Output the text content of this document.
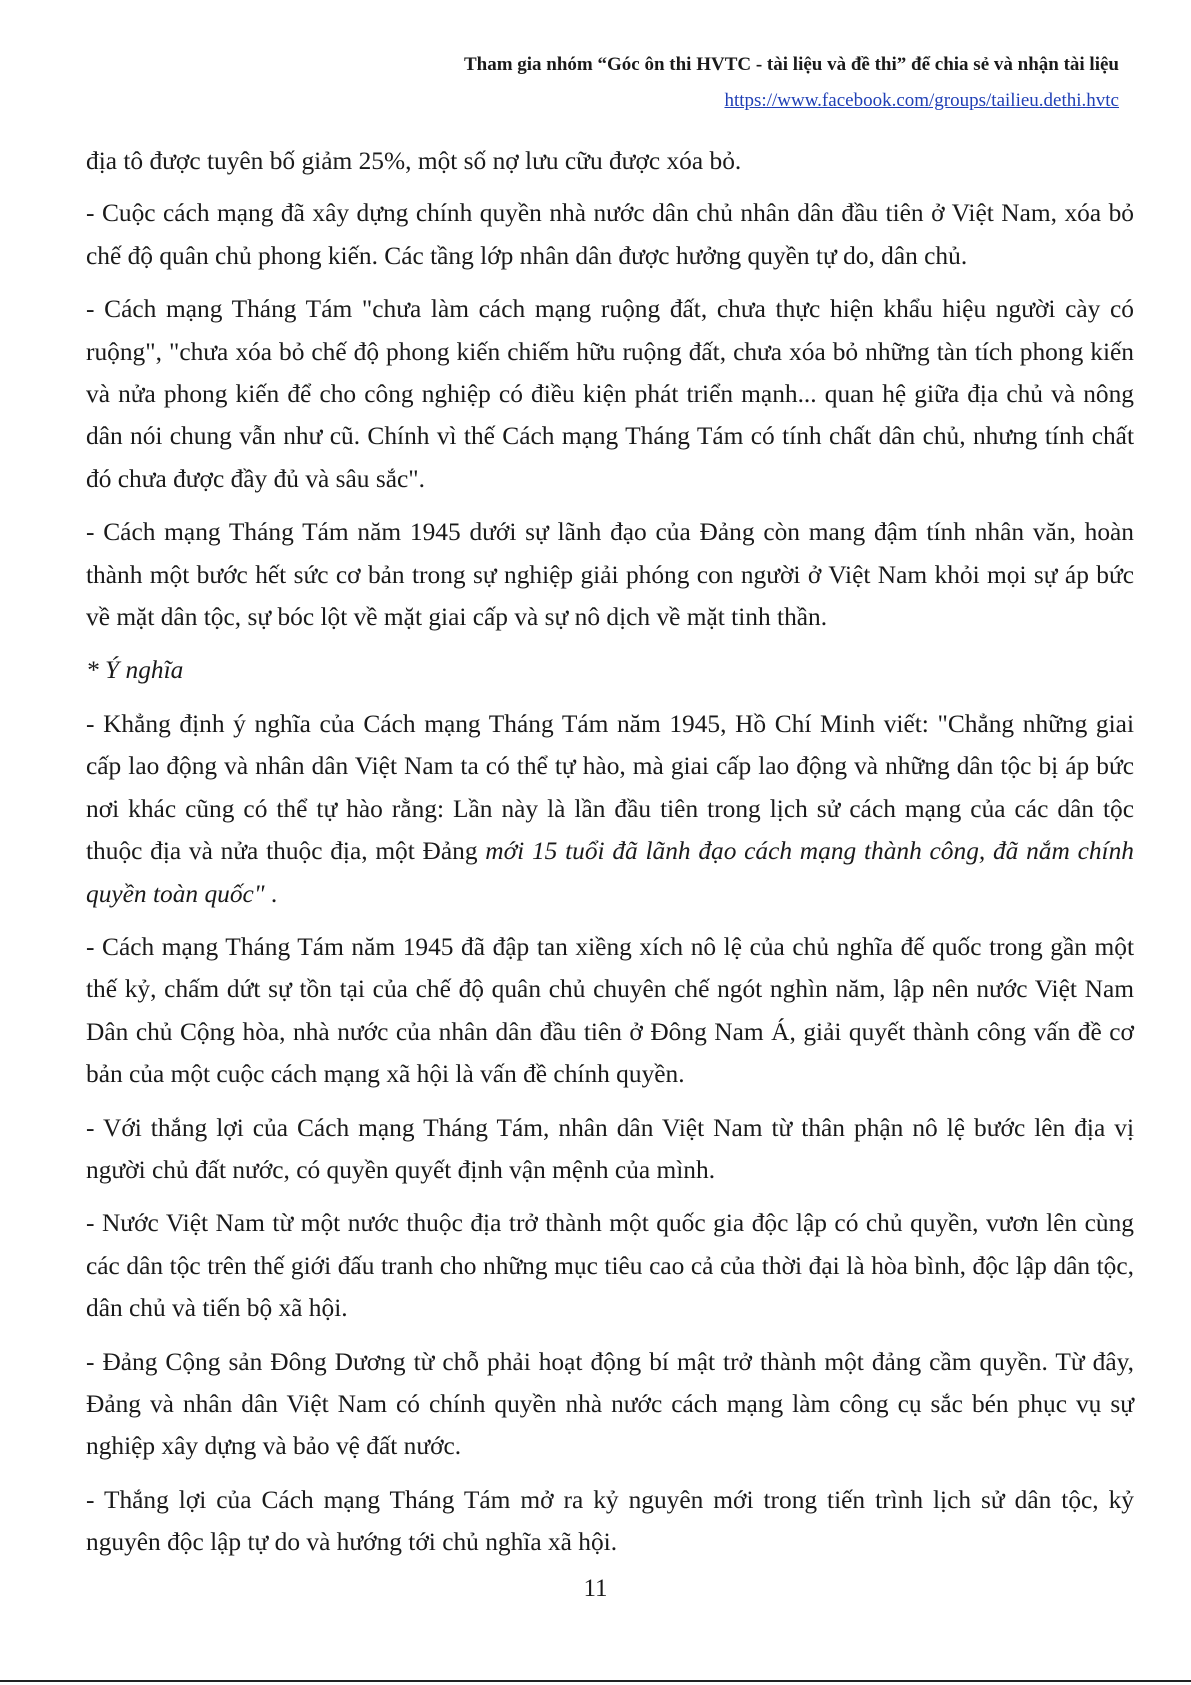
Tham gia nhóm “Góc ôn thi HVTC - tài liệu và đề thi” để chia sẻ và nhận tài liệu
https://www.facebook.com/groups/tailieu.dethi.hvtc

địa tô được tuyên bố giảm 25%, một số nợ lưu cữu được xóa bỏ.

- Cuộc cách mạng đã xây dựng chính quyền nhà nước dân chủ nhân dân đầu tiên ở Việt Nam, xóa bỏ chế độ quân chủ phong kiến. Các tầng lớp nhân dân được hưởng quyền tự do, dân chủ.

- Cách mạng Tháng Tám "chưa làm cách mạng ruộng đất, chưa thực hiện khẩu hiệu người cày có ruộng", "chưa xóa bỏ chế độ phong kiến chiếm hữu ruộng đất, chưa xóa bỏ những tàn tích phong kiến và nửa phong kiến để cho công nghiệp có điều kiện phát triển mạnh... quan hệ giữa địa chủ và nông dân nói chung vẫn như cũ. Chính vì thế Cách mạng Tháng Tám có tính chất dân chủ, nhưng tính chất đó chưa được đầy đủ và sâu sắc".

- Cách mạng Tháng Tám năm 1945 dưới sự lãnh đạo của Đảng còn mang đậm tính nhân văn, hoàn thành một bước hết sức cơ bản trong sự nghiệp giải phóng con người ở Việt Nam khỏi mọi sự áp bức về mặt dân tộc, sự bóc lột về mặt giai cấp và sự nô dịch về mặt tinh thần.

* Ý nghĩa

- Khẳng định ý nghĩa của Cách mạng Tháng Tám năm 1945, Hồ Chí Minh viết: "Chẳng những giai cấp lao động và nhân dân Việt Nam ta có thể tự hào, mà giai cấp lao động và những dân tộc bị áp bức nơi khác cũng có thể tự hào rằng: Lần này là lần đầu tiên trong lịch sử cách mạng của các dân tộc thuộc địa và nửa thuộc địa, một Đảng mới 15 tuổi đã lãnh đạo cách mạng thành công, đã nắm chính quyền toàn quốc" .

- Cách mạng Tháng Tám năm 1945 đã đập tan xiềng xích nô lệ của chủ nghĩa đế quốc trong gần một thế kỷ, chấm dứt sự tồn tại của chế độ quân chủ chuyên chế ngót nghìn năm, lập nên nước Việt Nam Dân chủ Cộng hòa, nhà nước của nhân dân đầu tiên ở Đông Nam Á, giải quyết thành công vấn đề cơ bản của một cuộc cách mạng xã hội là vấn đề chính quyền.

- Với thắng lợi của Cách mạng Tháng Tám, nhân dân Việt Nam từ thân phận nô lệ bước lên địa vị người chủ đất nước, có quyền quyết định vận mệnh của mình.

- Nước Việt Nam từ một nước thuộc địa trở thành một quốc gia độc lập có chủ quyền, vươn lên cùng các dân tộc trên thế giới đấu tranh cho những mục tiêu cao cả của thời đại là hòa bình, độc lập dân tộc, dân chủ và tiến bộ xã hội.

- Đảng Cộng sản Đông Dương từ chỗ phải hoạt động bí mật trở thành một đảng cầm quyền. Từ đây, Đảng và nhân dân Việt Nam có chính quyền nhà nước cách mạng làm công cụ sắc bén phục vụ sự nghiệp xây dựng và bảo vệ đất nước.

- Thắng lợi của Cách mạng Tháng Tám mở ra kỷ nguyên mới trong tiến trình lịch sử dân tộc, kỷ nguyên độc lập tự do và hướng tới chủ nghĩa xã hội.

11
